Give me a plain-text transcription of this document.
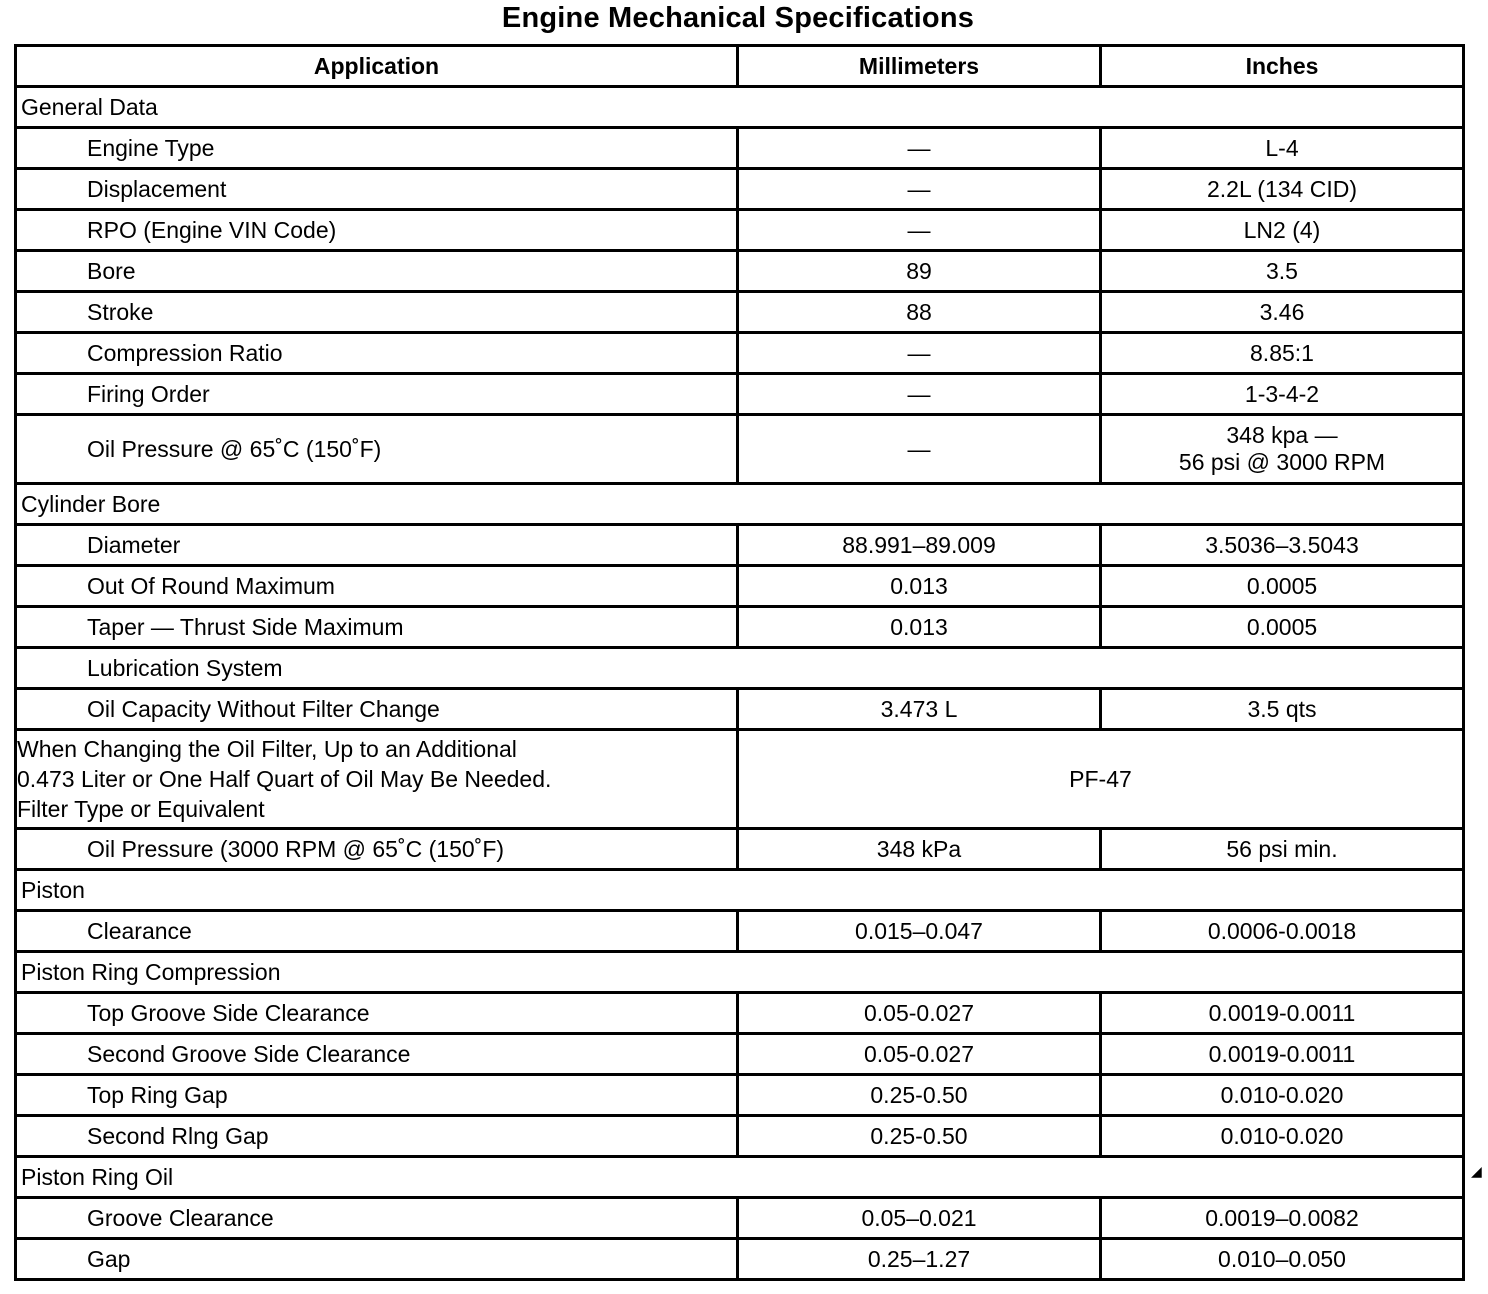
Engine Mechanical Specifications
Application	Millimeters	Inches
General Data		
Engine Type	—	L-4
Displacement	—	2.2L (134 CID)
RPO (Engine VIN Code)	—	LN2 (4)
Bore	89	3.5
Stroke	88	3.46
Compression Ratio	—	8.85:1
Firing Order	—	1-3-4-2
Oil Pressure @ 65˚C (150˚F)	—	348 kpa —
56 psi @ 3000 RPM

Cylinder Bore		
Diameter	88.991–89.009	3.5036–3.5043
Out Of Round Maximum	0.013	0.0005
Taper — Thrust Side Maximum	0.013	0.0005
Lubrication System		
Oil Capacity Without Filter Change	3.473 L	3.5 qts

When Changing the Oil Filter, Up to an Additional
0.473 Liter or One Half Quart of Oil May Be Needed.
Filter Type or Equivalent	PF-47	
Oil Pressure (3000 RPM @ 65˚C (150˚F)	348 kPa	56 psi min.
Piston		
Clearance	0.015–0.047	0.0006-0.0018
Piston Ring Compression		
Top Groove Side Clearance	0.05-0.027	0.0019-0.0011
Second Groove Side Clearance	0.05-0.027	0.0019-0.0011
Top Ring Gap	0.25-0.50	0.010-0.020
Second Rlng Gap	0.25-0.50	0.010-0.020
Piston Ring Oil		
Groove Clearance	0.05–0.021	0.0019–0.0082
Gap	0.25–1.27	0.010–0.050
◢
